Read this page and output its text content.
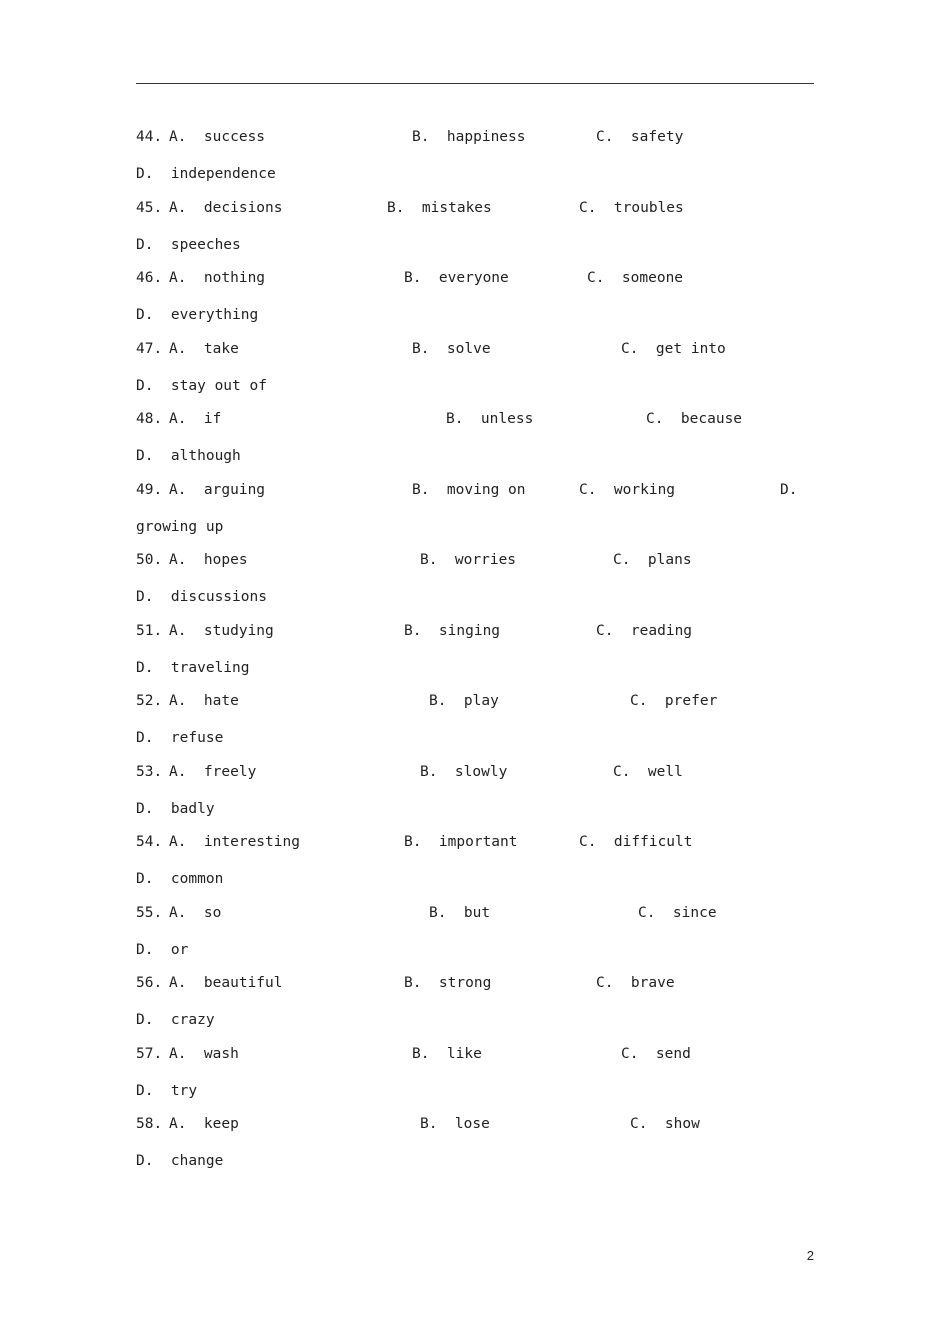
44.

A.  success

	B.  happiness

	C.  safety

D.  independence

45.

A.  decisions

	B.  mistakes

	C.  troubles

D.  speeches

46.

A.  nothing

	B.  everyone

	C.  someone

D.  everything

47.

A.  take

	B.  solve

	C.  get into

D.  stay out of

48.

A.  if

	B.  unless

	C.  because

D.  although

49.

A.  arguing

	B.  moving on

	C.  working

	D.

growing up

50.

A.  hopes

	B.  worries

	C.  plans

D.  discussions

51.

A.  studying

	B.  singing

	C.  reading

D.  traveling

52.

A.  hate

	B.  play

	C.  prefer

D.  refuse

53.

A.  freely

	B.  slowly

	C.  well

D.  badly

54.

A.  interesting

	B.  important

	C.  difficult

D.  common

55.

A.  so

	B.  but

	C.  since

D.  or

56.

A.  beautiful

	B.  strong

	C.  brave

D.  crazy

57.

A.  wash

	B.  like

	C.  send

D.  try

58.

A.  keep

	B.  lose

	C.  show

D.  change

2
